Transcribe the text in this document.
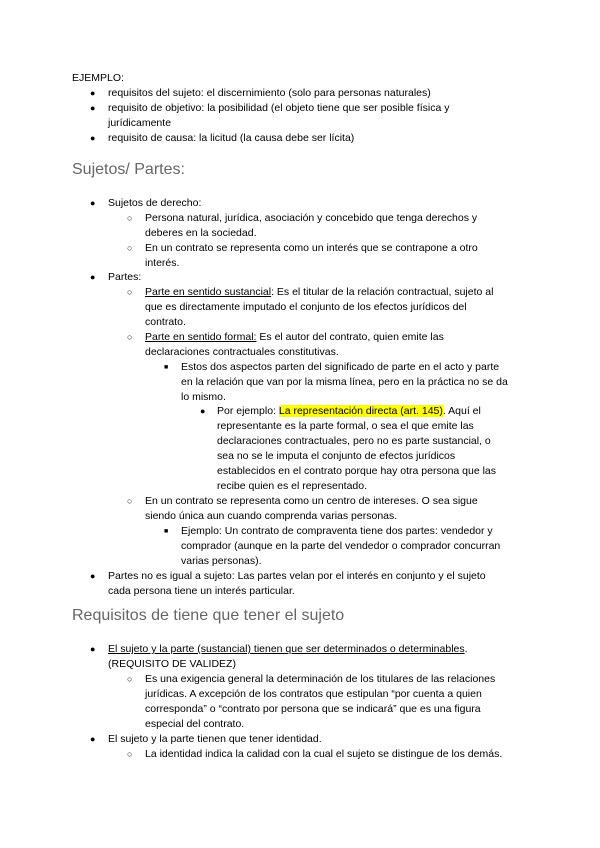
EJEMPLO:
●
requisitos del sujeto: el discernimiento (solo para personas naturales)
●
requisito de objetivo: la posibilidad (el objeto tiene que ser posible física y
jurídicamente
●
requisito de causa: la licitud (la causa debe ser lícita)
Sujetos/ Partes:
●
Sujetos de derecho:
○
Persona natural, jurídica, asociación y concebido que tenga derechos y
deberes en la sociedad.
○
En un contrato se representa como un interés que se contrapone a otro
interés.
●
Partes:
○
Parte en sentido sustancial: Es el titular de la relación contractual, sujeto al
que es directamente imputado el conjunto de los efectos jurídicos del
contrato.
○
Parte en sentido formal: Es el autor del contrato, quien emite las
declaraciones contractuales constitutivas.
■
Estos dos aspectos parten del significado de parte en el acto y parte
en la relación que van por la misma línea, pero en la práctica no se da
lo mismo.
●
Por ejemplo: La representación directa (art. 145). Aquí el
representante es la parte formal, o sea el que emite las
declaraciones contractuales, pero no es parte sustancial, o
sea no se le imputa el conjunto de efectos jurídicos
establecidos en el contrato porque hay otra persona que las
recibe quien es el representado.
○
En un contrato se representa como un centro de intereses. O sea sigue
siendo única aun cuando comprenda varias personas.
■
Ejemplo: Un contrato de compraventa tiene dos partes: vendedor y
comprador (aunque en la parte del vendedor o comprador concurran
varias personas).
●
Partes no es igual a sujeto: Las partes velan por el interés en conjunto y el sujeto
cada persona tiene un interés particular.
Requisitos de tiene que tener el sujeto
●
El sujeto y la parte (sustancial) tienen que ser determinados o determinables.
(REQUISITO DE VALIDEZ)
○
Es una exigencia general la determinación de los titulares de las relaciones
jurídicas. A excepción de los contratos que estipulan “por cuenta a quien
corresponda” o “contrato por persona que se indicará” que es una figura
especial del contrato.
●
El sujeto y la parte tienen que tener identidad.
○
La identidad indica la calidad con la cual el sujeto se distingue de los demás.
